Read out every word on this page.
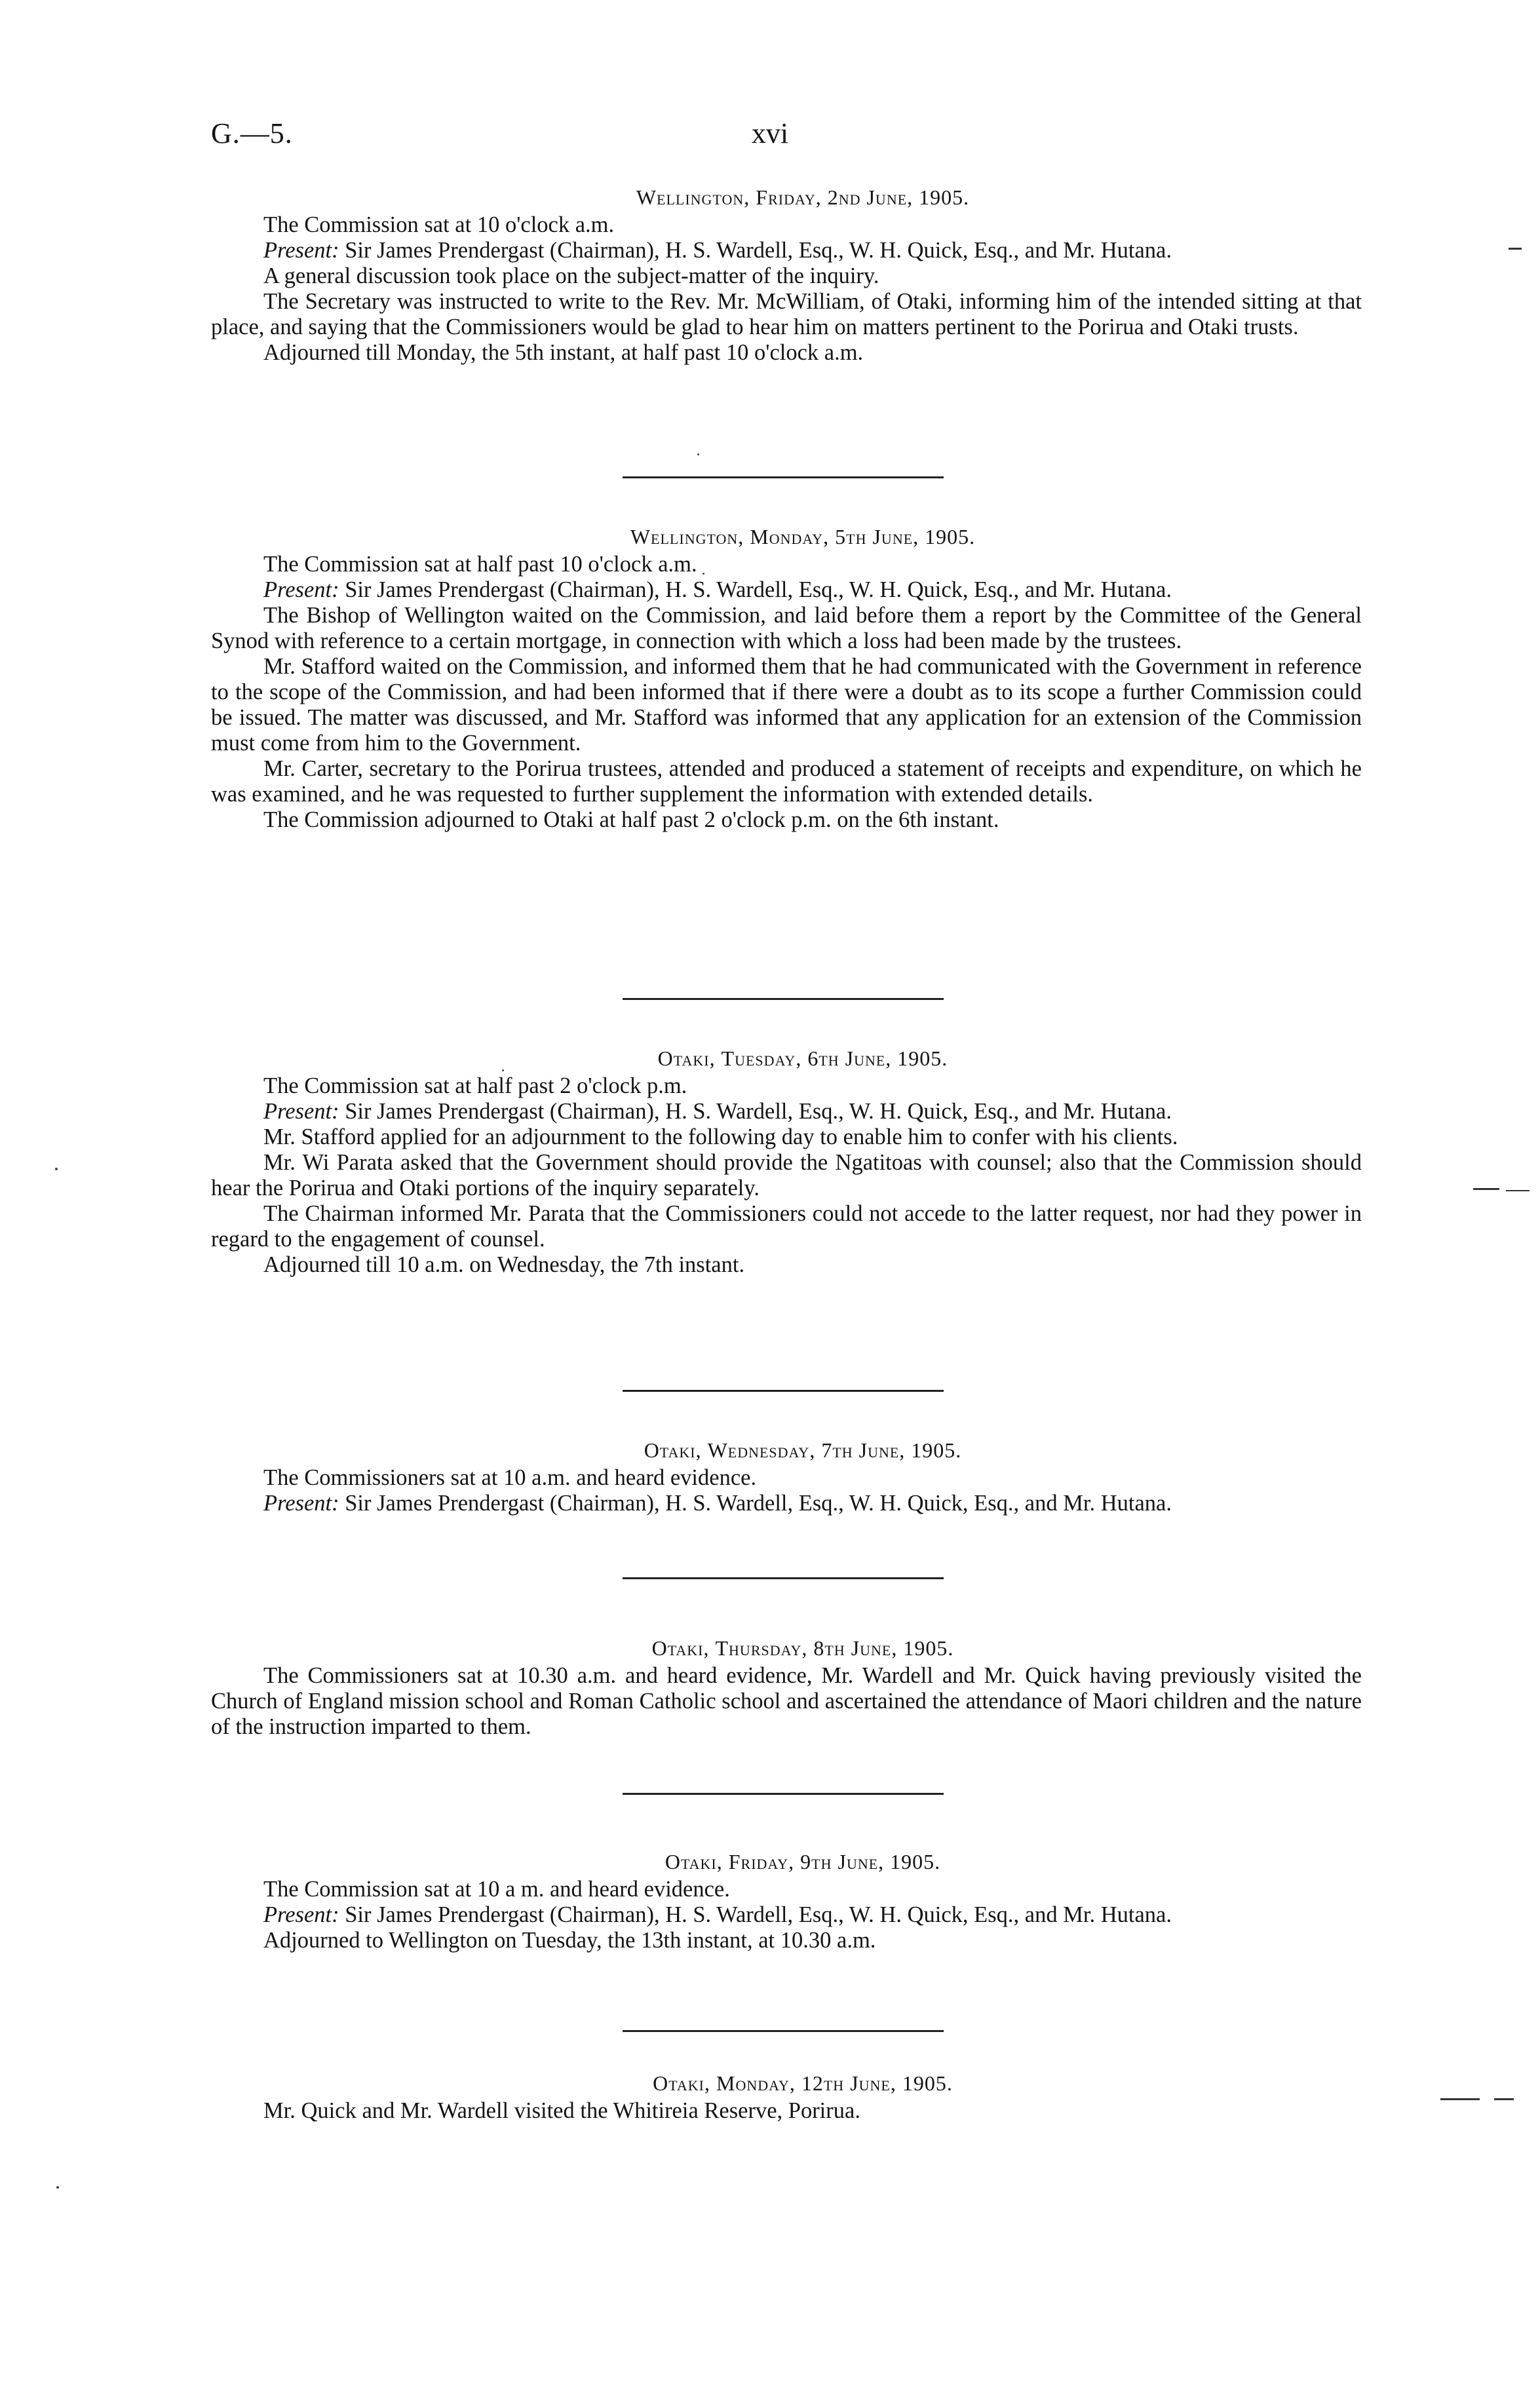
G.—5.	xvi
Wellington, Friday, 2nd June, 1905.

The Commission sat at 10 o'clock a.m.

Present: Sir James Prendergast (Chairman), H. S. Wardell, Esq., W. H. Quick, Esq., and Mr. Hutana.

A general discussion took place on the subject-matter of the inquiry.

The Secretary was instructed to write to the Rev. Mr. McWilliam, of Otaki, informing him of the intended sitting at that place, and saying that the Commissioners would be glad to hear him on matters pertinent to the Porirua and Otaki trusts.

Adjourned till Monday, the 5th instant, at half past 10 o'clock a.m.

Wellington, Monday, 5th June, 1905.

The Commission sat at half past 10 o'clock a.m.

Present: Sir James Prendergast (Chairman), H. S. Wardell, Esq., W. H. Quick, Esq., and Mr. Hutana.

The Bishop of Wellington waited on the Commission, and laid before them a report by the Committee of the General Synod with reference to a certain mortgage, in connection with which a loss had been made by the trustees.

Mr. Stafford waited on the Commission, and informed them that he had communicated with the Government in reference to the scope of the Commission, and had been informed that if there were a doubt as to its scope a further Commission could be issued. The matter was discussed, and Mr. Stafford was informed that any application for an extension of the Commission must come from him to the Government.

Mr. Carter, secretary to the Porirua trustees, attended and produced a statement of receipts and expenditure, on which he was examined, and he was requested to further supplement the information with extended details.

The Commission adjourned to Otaki at half past 2 o'clock p.m. on the 6th instant.

Otaki, Tuesday, 6th June, 1905.

The Commission sat at half past 2 o'clock p.m.

Present: Sir James Prendergast (Chairman), H. S. Wardell, Esq., W. H. Quick, Esq., and Mr. Hutana.

Mr. Stafford applied for an adjournment to the following day to enable him to confer with his clients.

Mr. Wi Parata asked that the Government should provide the Ngatitoas with counsel; also that the Commission should hear the Porirua and Otaki portions of the inquiry separately.

The Chairman informed Mr. Parata that the Commissioners could not accede to the latter request, nor had they power in regard to the engagement of counsel.

Adjourned till 10 a.m. on Wednesday, the 7th instant.

Otaki, Wednesday, 7th June, 1905.

The Commissioners sat at 10 a.m. and heard evidence.

Present: Sir James Prendergast (Chairman), H. S. Wardell, Esq., W. H. Quick, Esq., and Mr. Hutana.

Otaki, Thursday, 8th June, 1905.

The Commissioners sat at 10.30 a.m. and heard evidence, Mr. Wardell and Mr. Quick having previously visited the Church of England mission school and Roman Catholic school and ascertained the attendance of Maori children and the nature of the instruction imparted to them.

Otaki, Friday, 9th June, 1905.

The Commission sat at 10 a m. and heard evidence.

Present: Sir James Prendergast (Chairman), H. S. Wardell, Esq., W. H. Quick, Esq., and Mr. Hutana.

Adjourned to Wellington on Tuesday, the 13th instant, at 10.30 a.m.

Otaki, Monday, 12th June, 1905.

Mr. Quick and Mr. Wardell visited the Whitireia Reserve, Porirua.
